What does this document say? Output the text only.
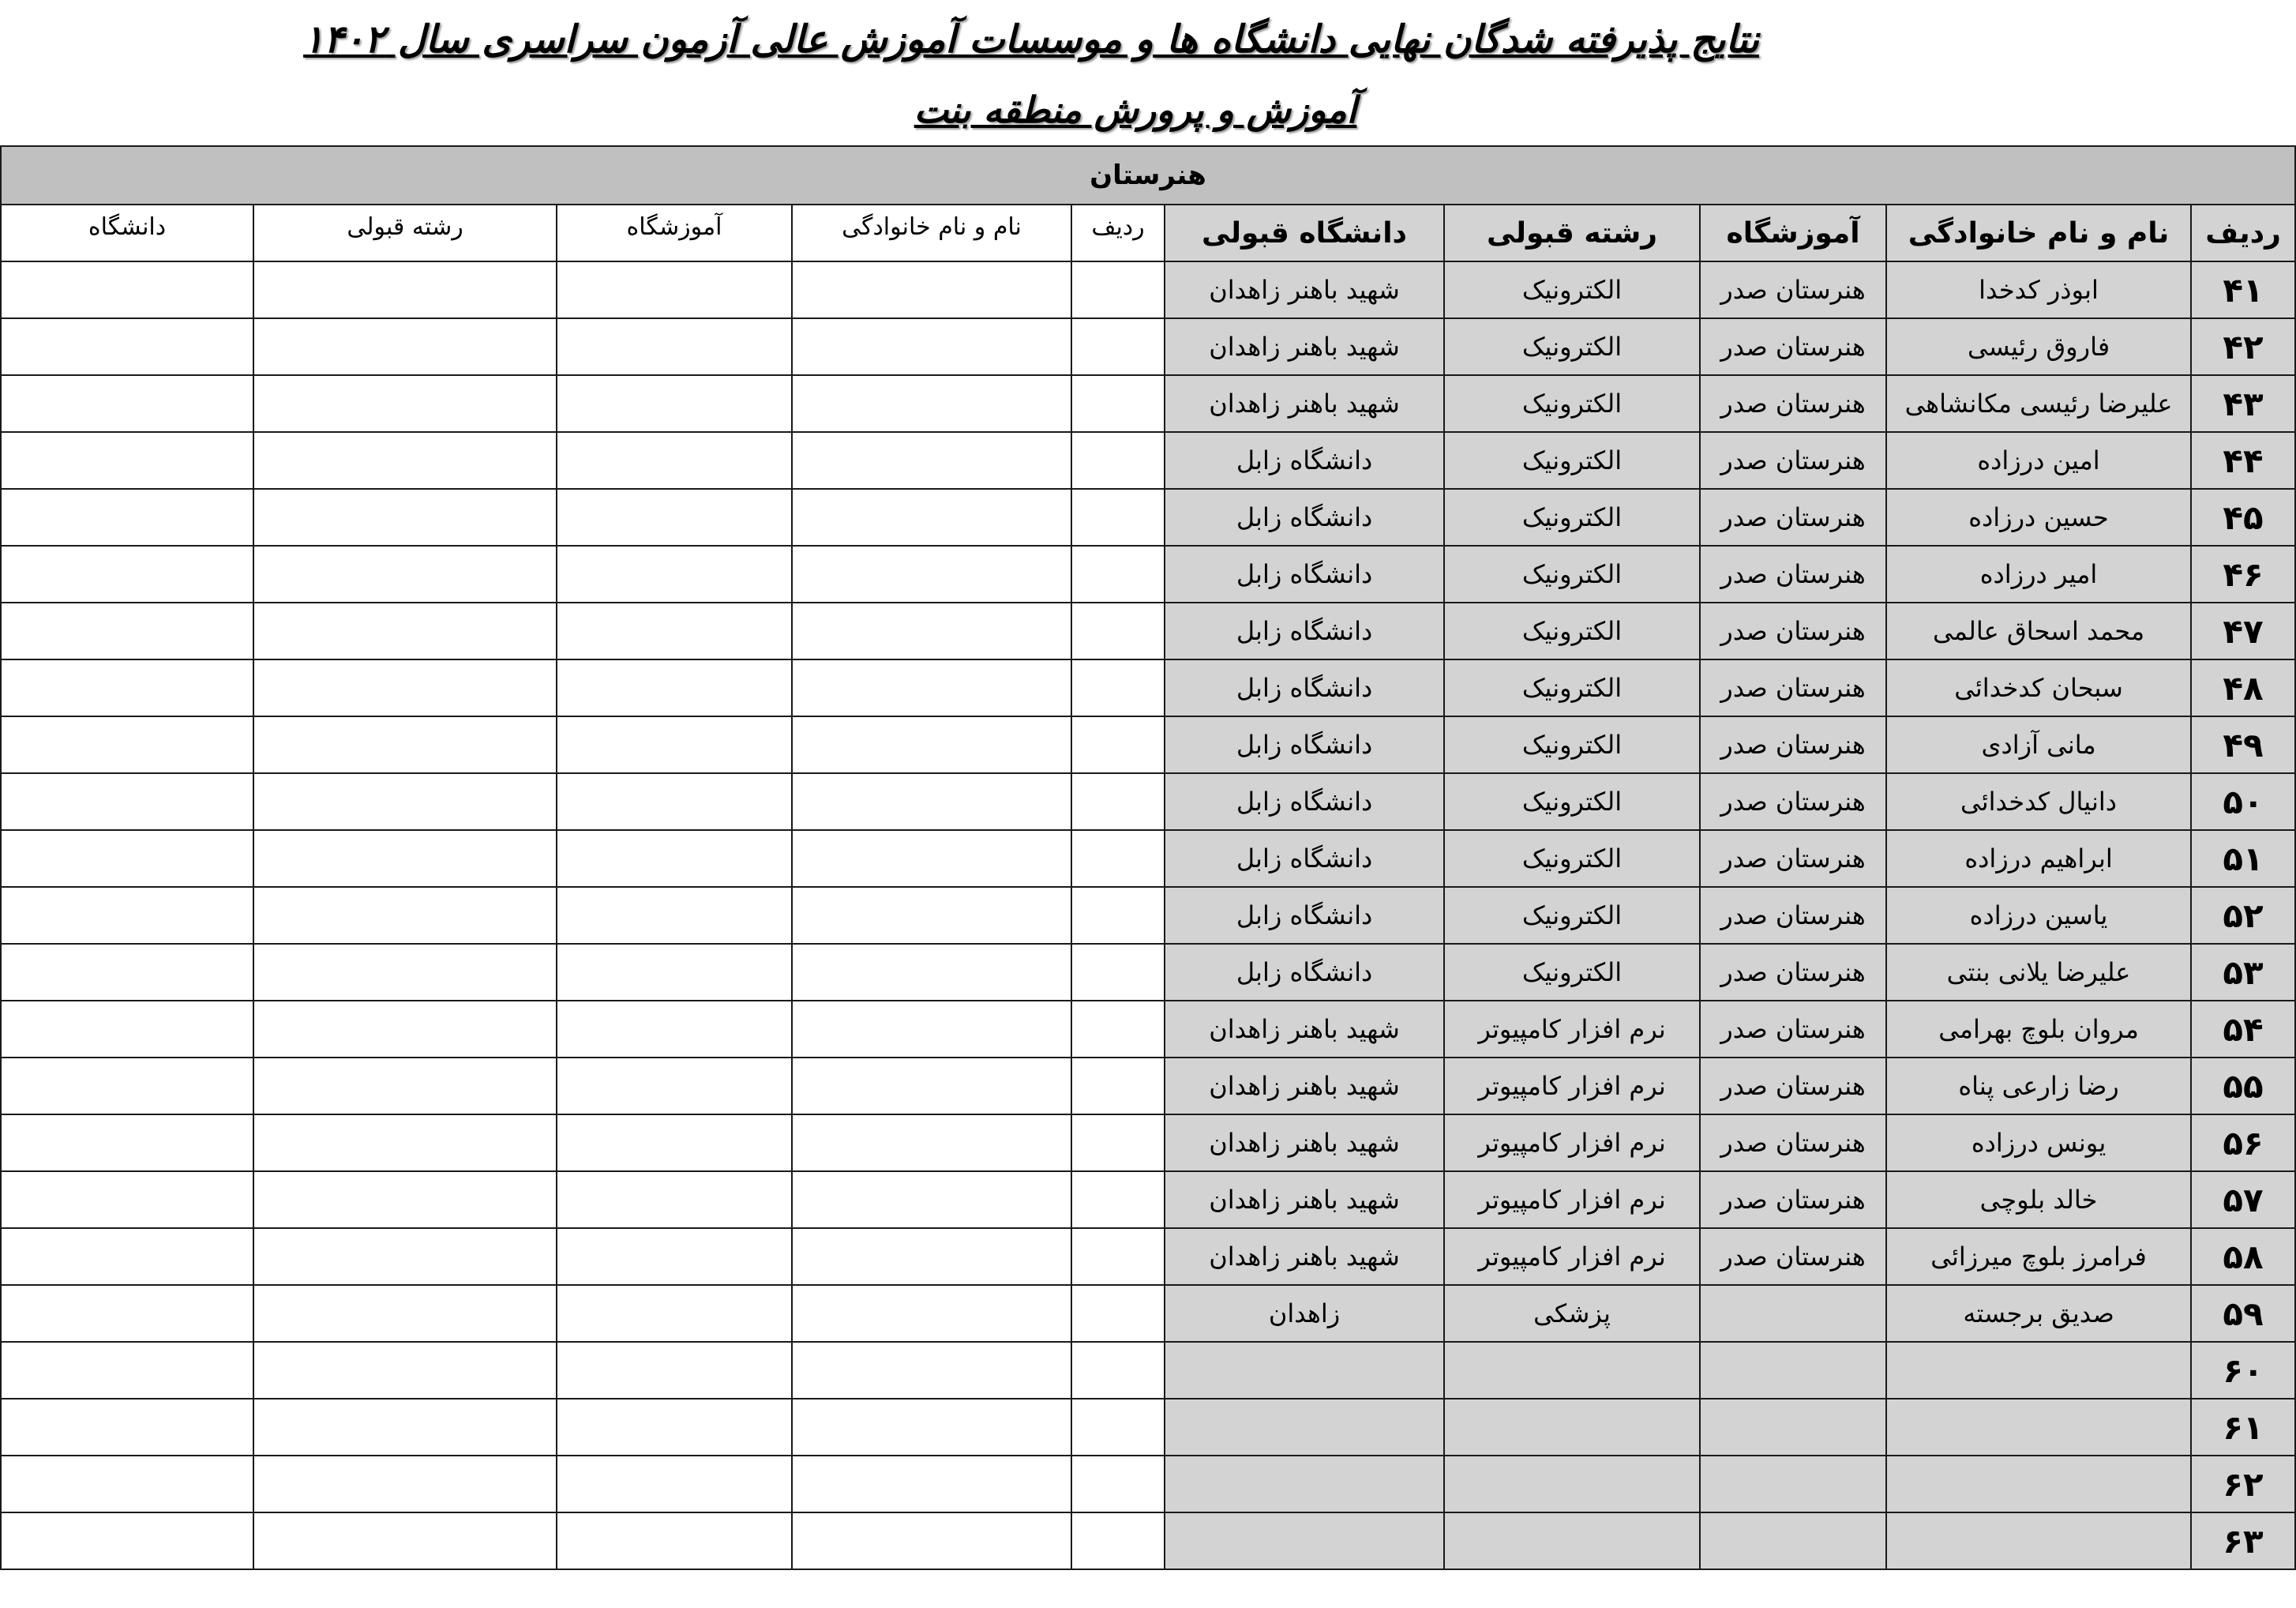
نتایج پذیرفته شدگان نهایی دانشگاه ها و موسسات آموزش عالی آزمون سراسری سال ۱۴۰۲
آموزش و پرورش منطقه بنت
هنرستان									
ردیف	نام و نام خانوادگی	آموزشگاه	رشته قبولی	دانشگاه قبولی	ردیف	نام و نام خانوادگی	آموزشگاه	رشته قبولی	دانشگاه
۴۱	ابوذر کدخدا	هنرستان صدر	الکترونیک	شهید باهنر زاهدان					
۴۲	فاروق رئیسی	هنرستان صدر	الکترونیک	شهید باهنر زاهدان					
۴۳	علیرضا رئیسی مکانشاهی	هنرستان صدر	الکترونیک	شهید باهنر زاهدان					
۴۴	امین درزاده	هنرستان صدر	الکترونیک	دانشگاه زابل					
۴۵	حسین درزاده	هنرستان صدر	الکترونیک	دانشگاه زابل					
۴۶	امیر درزاده	هنرستان صدر	الکترونیک	دانشگاه زابل					
۴۷	محمد اسحاق عالمی	هنرستان صدر	الکترونیک	دانشگاه زابل					
۴۸	سبحان کدخدائی	هنرستان صدر	الکترونیک	دانشگاه زابل					
۴۹	مانی آزادی	هنرستان صدر	الکترونیک	دانشگاه زابل					
۵۰	دانیال کدخدائی	هنرستان صدر	الکترونیک	دانشگاه زابل					
۵۱	ابراهیم درزاده	هنرستان صدر	الکترونیک	دانشگاه زابل					
۵۲	یاسین درزاده	هنرستان صدر	الکترونیک	دانشگاه زابل					
۵۳	علیرضا یلانی بنتی	هنرستان صدر	الکترونیک	دانشگاه زابل					
۵۴	مروان بلوچ بهرامی	هنرستان صدر	نرم افزار کامپیوتر	شهید باهنر زاهدان					
۵۵	رضا زارعی پناه	هنرستان صدر	نرم افزار کامپیوتر	شهید باهنر زاهدان					
۵۶	یونس درزاده	هنرستان صدر	نرم افزار کامپیوتر	شهید باهنر زاهدان					
۵۷	خالد بلوچی	هنرستان صدر	نرم افزار کامپیوتر	شهید باهنر زاهدان					
۵۸	فرامرز بلوچ میرزائی	هنرستان صدر	نرم افزار کامپیوتر	شهید باهنر زاهدان					
۵۹	صدیق برجسته		پزشکی	زاهدان					
۶۰									
۶۱									
۶۲									
۶۳									
